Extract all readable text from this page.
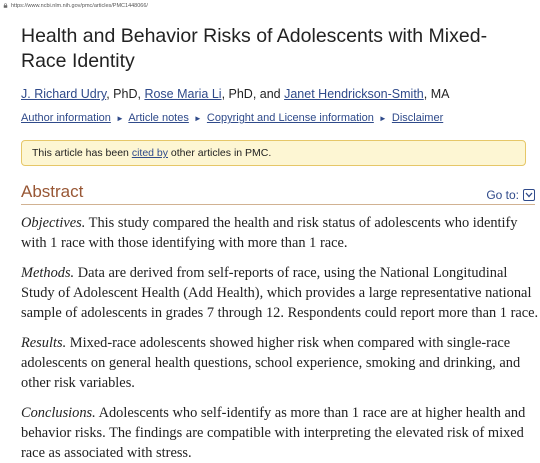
https://www.ncbi.nlm.nih.gov/pmc/articles/PMC1448066/
Health and Behavior Risks of Adolescents with Mixed-Race Identity
J. Richard Udry, PhD, Rose Maria Li, PhD, and Janet Hendrickson-Smith, MA
Author information ► Article notes ► Copyright and License information ► Disclaimer
This article has been cited by other articles in PMC.
Abstract	Go to:

Objectives. This study compared the health and risk status of adolescents who identify with 1 race with those identifying with more than 1 race.

Methods. Data are derived from self-reports of race, using the National Longitudinal Study of Adolescent Health (Add Health), which provides a large representative national sample of adolescents in grades 7 through 12. Respondents could report more than 1 race.

Results. Mixed-race adolescents showed higher risk when compared with single-race adolescents on general health questions, school experience, smoking and drinking, and other risk variables.

Conclusions. Adolescents who self-identify as more than 1 race are at higher health and behavior risks. The findings are compatible with interpreting the elevated risk of mixed race as associated with stress.
